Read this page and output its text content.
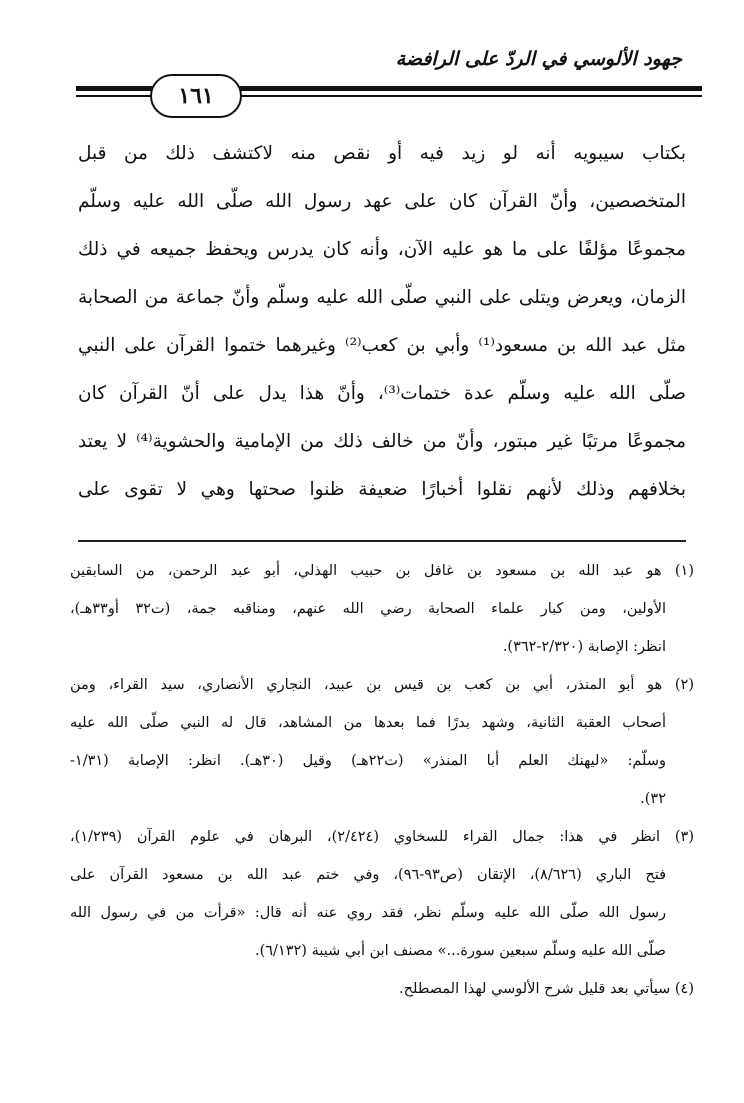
جهود الألوسي في الردّ على الرافضة
١٦١
بكتاب سيبويه أنه لو زيد فيه أو نقص منه لاكتشف ذلك من قبل
المتخصصين، وأنّ القرآن كان على عهد رسول الله صلّى الله عليه وسلّم
مجموعًا مؤلفًا على ما هو عليه الآن، وأنه كان يدرس ويحفظ جميعه في ذلك
الزمان، ويعرض ويتلى على النبي صلّى الله عليه وسلّم وأنّ جماعة من الصحابة
مثل عبد الله بن مسعود⁽¹⁾ وأبي بن كعب⁽²⁾ وغيرهما ختموا القرآن على النبي
صلّى الله عليه وسلّم عدة ختمات⁽³⁾، وأنّ هذا يدل على أنّ القرآن كان
مجموعًا مرتبًا غير مبتور، وأنّ من خالف ذلك من الإمامية والحشوية⁽⁴⁾ لا يعتد
بخلافهم وذلك لأنهم نقلوا أخبارًا ضعيفة ظنوا صحتها وهي لا تقوى على
(١) هو عبد الله بن مسعود بن غافل بن حبيب الهذلي، أبو عبد الرحمن، من السابقين
الأولين، ومن كبار علماء الصحابة رضي الله عنهم، ومناقبه جمة، (ت٣٢ أو٣٣هـ)،
انظر: الإصابة (٢/٣٢٠-٣٦٢).
(٢) هو أبو المنذر، أبي بن كعب بن قيس بن عبيد، النجاري الأنصاري، سيد القراء، ومن
أصحاب العقبة الثانية، وشهد بدرًا فما بعدها من المشاهد، قال له النبي صلّى الله عليه
وسلّم: «ليهنك العلم أبا المنذر» (ت٢٢هـ) وقيل (٣٠هـ). انظر: الإصابة (١/٣١-
٣٢).
(٣) انظر في هذا: جمال القراء للسخاوي (٢/٤٢٤)، البرهان في علوم القرآن (١/٢٣٩)،
فتح الباري (٨/٦٢٦)، الإتقان (ص٩٣-٩٦)، وفي ختم عبد الله بن مسعود القرآن على
رسول الله صلّى الله عليه وسلّم نظر، فقد روي عنه أنه قال: «قرأت من في رسول الله
صلّى الله عليه وسلّم سبعين سورة...» مصنف ابن أبي شيبة (٦/١٣٢).
(٤) سيأتي بعد قليل شرح الألوسي لهذا المصطلح.
